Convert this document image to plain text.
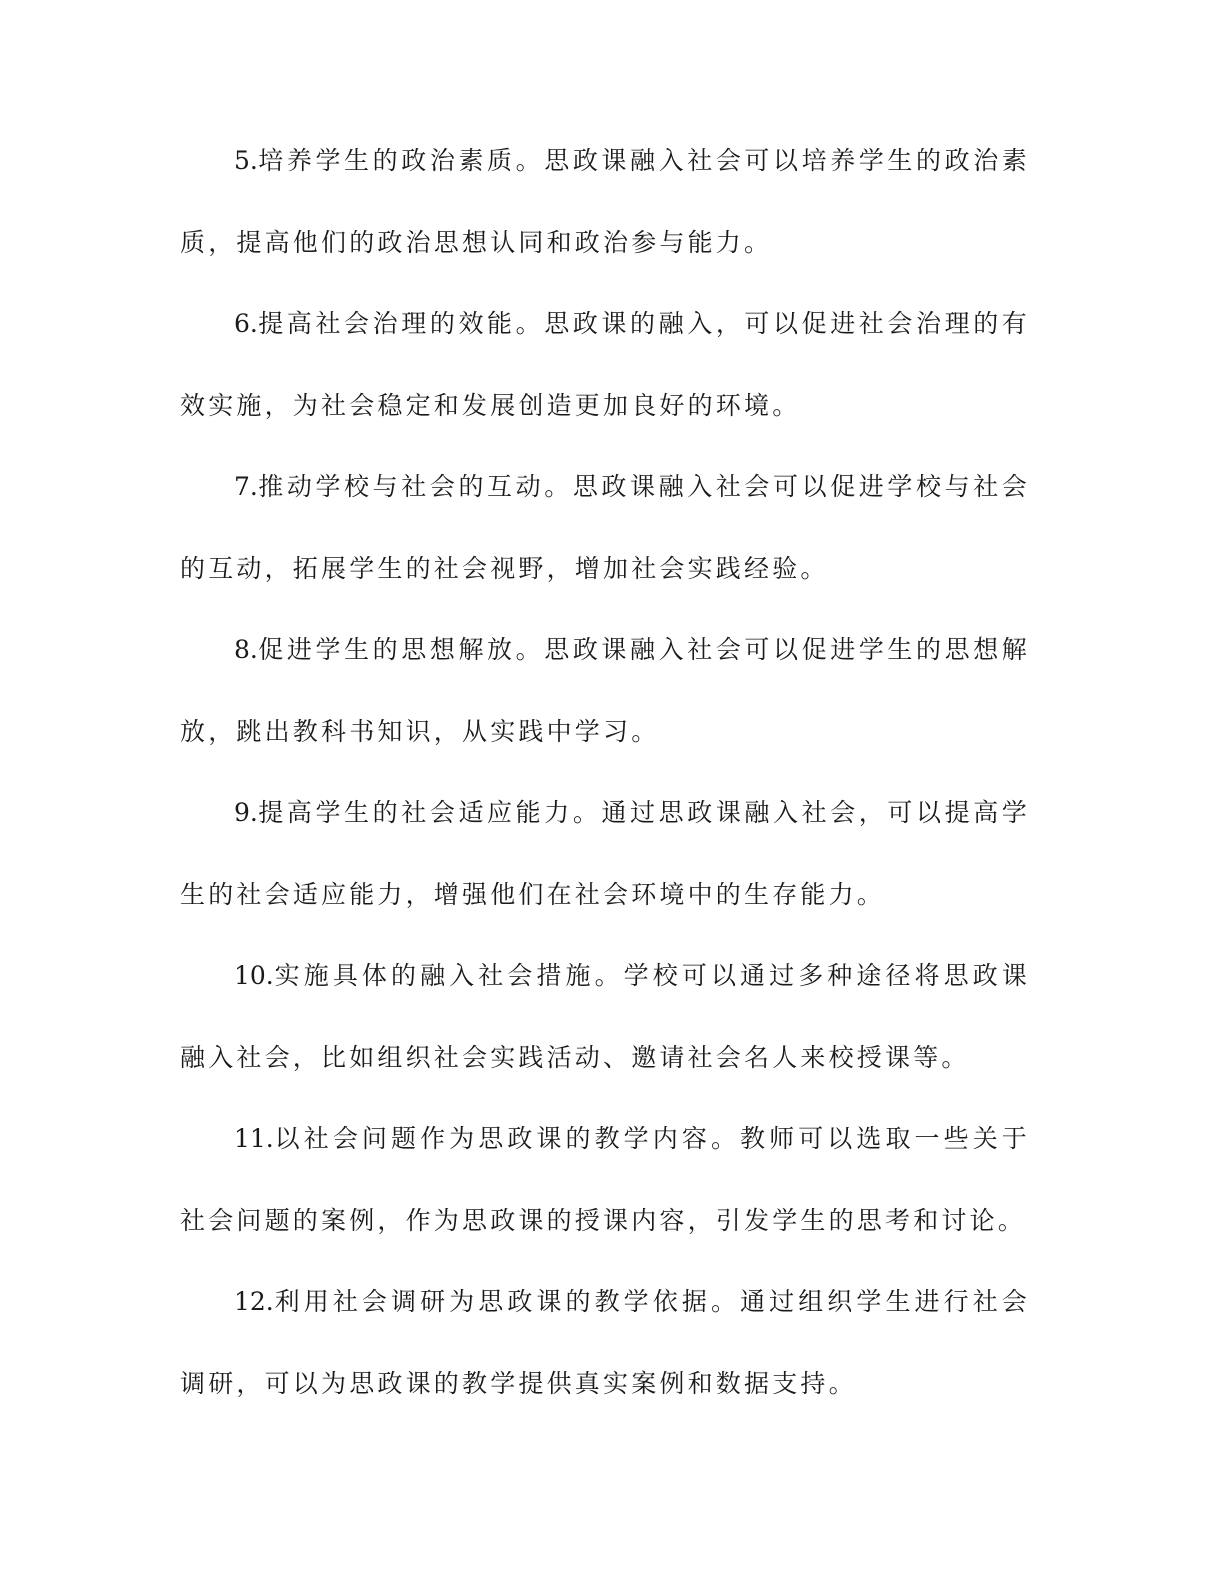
5.培养学生的政治素质。思政课融入社会可以培养学生的政治素质，提高他们的政治思想认同和政治参与能力。

6.提高社会治理的效能。思政课的融入，可以促进社会治理的有效实施，为社会稳定和发展创造更加良好的环境。

7.推动学校与社会的互动。思政课融入社会可以促进学校与社会的互动，拓展学生的社会视野，增加社会实践经验。

8.促进学生的思想解放。思政课融入社会可以促进学生的思想解放，跳出教科书知识，从实践中学习。

9.提高学生的社会适应能力。通过思政课融入社会，可以提高学生的社会适应能力，增强他们在社会环境中的生存能力。

10.实施具体的融入社会措施。学校可以通过多种途径将思政课融入社会，比如组织社会实践活动、邀请社会名人来校授课等。

11.以社会问题作为思政课的教学内容。教师可以选取一些关于社会问题的案例，作为思政课的授课内容，引发学生的思考和讨论。

12.利用社会调研为思政课的教学依据。通过组织学生进行社会调研，可以为思政课的教学提供真实案例和数据支持。
